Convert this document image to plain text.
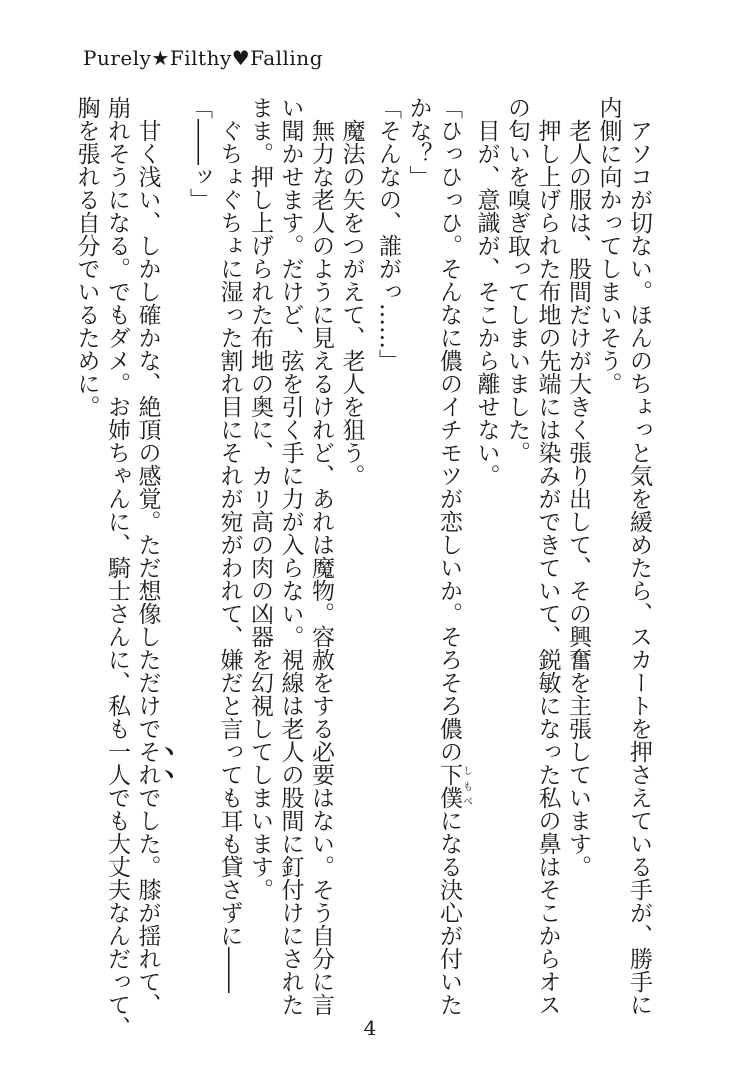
Purely★Filthy♥Falling
アソコが切ない。ほんのちょっと気を緩めたら、スカートを押さえている手が、勝手に
内側に向かってしまいそう。
老人の服は、股間だけが大きく張り出して、その興奮を主張しています。
押し上げられた布地の先端には染みができていて、鋭敏になった私の鼻はそこからオス
の匂いを嗅ぎ取ってしまいました。
目が、意識が、そこから離せない。
「ひっひっひ。そんなに儂のイチモツが恋しいか。そろそろ儂の下僕しもべになる決心が付いた
かな？」
「そんなの、誰がっ……」
魔法の矢をつがえて、老人を狙う。
無力な老人のように見えるけれど、あれは魔物。容赦をする必要はない。そう自分に言
い聞かせます。だけど、弦を引く手に力が入らない。視線は老人の股間に釘付けにされた
まま。押し上げられた布地の奥に、カリ高の肉の凶器を幻視してしまいます。
ぐちょぐちょに湿った割れ目にそれが宛がわれて、嫌だと言っても耳も貸さずに――
「――ッ」
甘く浅い、しかし確かな、絶頂の感覚。ただ想像しただけでそれでした。膝が揺れて、
崩れそうになる。でもダメ。お姉ちゃんに、騎士さんに、私も一人でも大丈夫なんだって、
胸を張れる自分でいるために。
4
